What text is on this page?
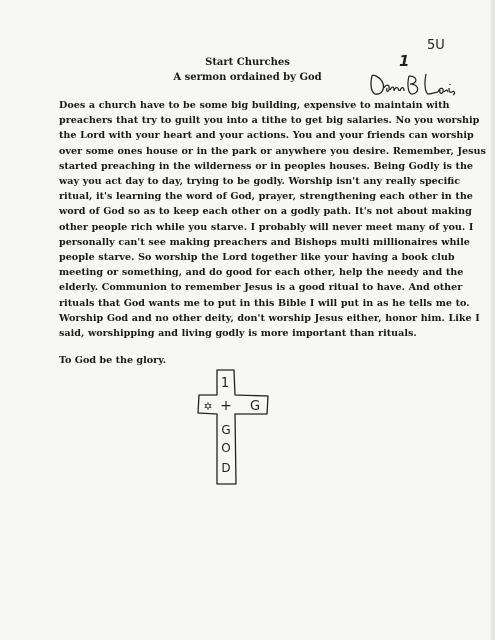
Start Churches
A sermon ordained by God
5U
1
Does a church have to be some big building, expensive to maintain with preachers that try to guilt you into a tithe to get big salaries. No you worship the Lord with your heart and your actions. You and your friends can worship over some ones house or in the park or anywhere you desire. Remember, Jesus started preaching in the wilderness or in peoples houses. Being Godly is the way you act day to day, trying to be godly. Worship isn't any really specific ritual, it's learning the word of God, prayer, strengthening each other in the word of God so as to keep each other on a godly path. It's not about making other people rich while you starve. I probably will never meet many of you. I personally can't see making preachers and Bishops multi millionaires while people starve. So worship the Lord together like your having a book club meeting or something, and do good for each other, help the needy and the elderly. Communion to remember Jesus is a good ritual to have. And other rituals that God wants me to put in this Bible I will put in as he tells me to. Worship God and no other deity, don't worship Jesus either, honor him. Like I said, worshipping and living godly is more important than rituals.
To God be the glory.
1
+ G
✡
G
O
D
